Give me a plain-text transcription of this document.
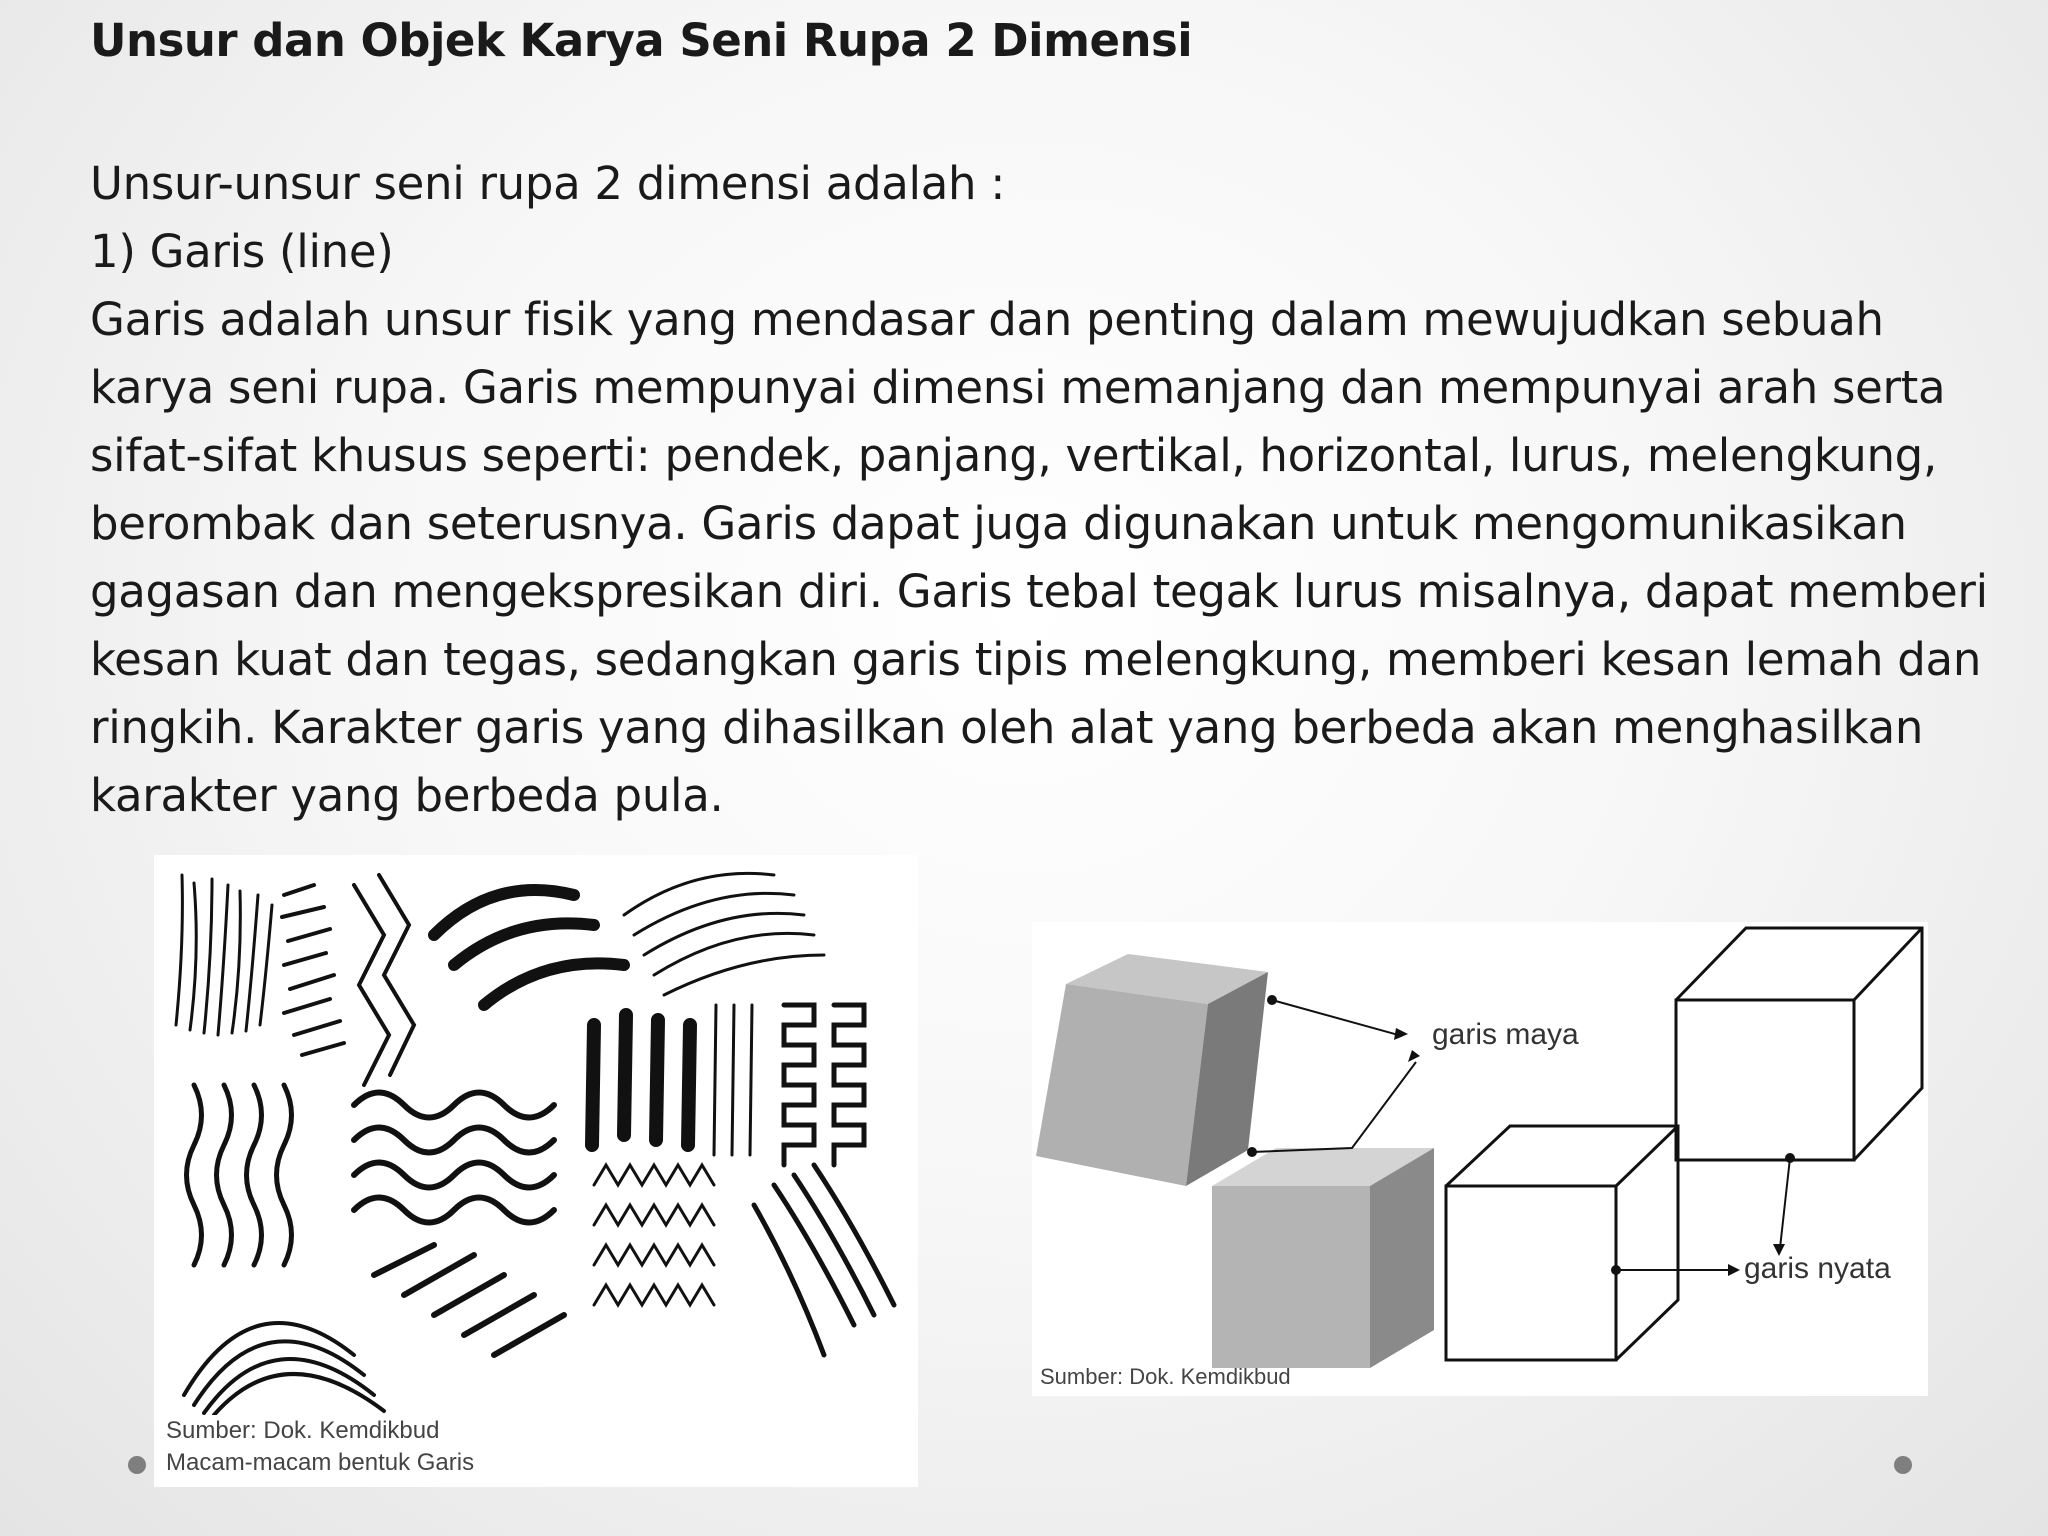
Unsur dan Objek Karya Seni Rupa 2 Dimensi

Unsur-unsur seni rupa 2 dimensi adalah :

1) Garis (line)

Garis adalah unsur fisik yang mendasar dan penting dalam mewujudkan sebuah

karya seni rupa. Garis mempunyai dimensi memanjang dan mempunyai arah serta

sifat-sifat khusus seperti: pendek, panjang, vertikal, horizontal, lurus, melengkung,

berombak dan seterusnya. Garis dapat juga digunakan untuk mengomunikasikan

gagasan dan mengekspresikan diri. Garis tebal tegak lurus misalnya, dapat memberi

kesan kuat dan tegas, sedangkan garis tipis melengkung, memberi kesan lemah dan

ringkih. Karakter garis yang dihasilkan oleh alat yang berbeda akan menghasilkan

karakter yang berbeda pula.

Sumber: Dok. Kemdikbud
Macam-macam bentuk Garis
garis maya
garis nyata
Sumber: Dok. Kemdikbud
